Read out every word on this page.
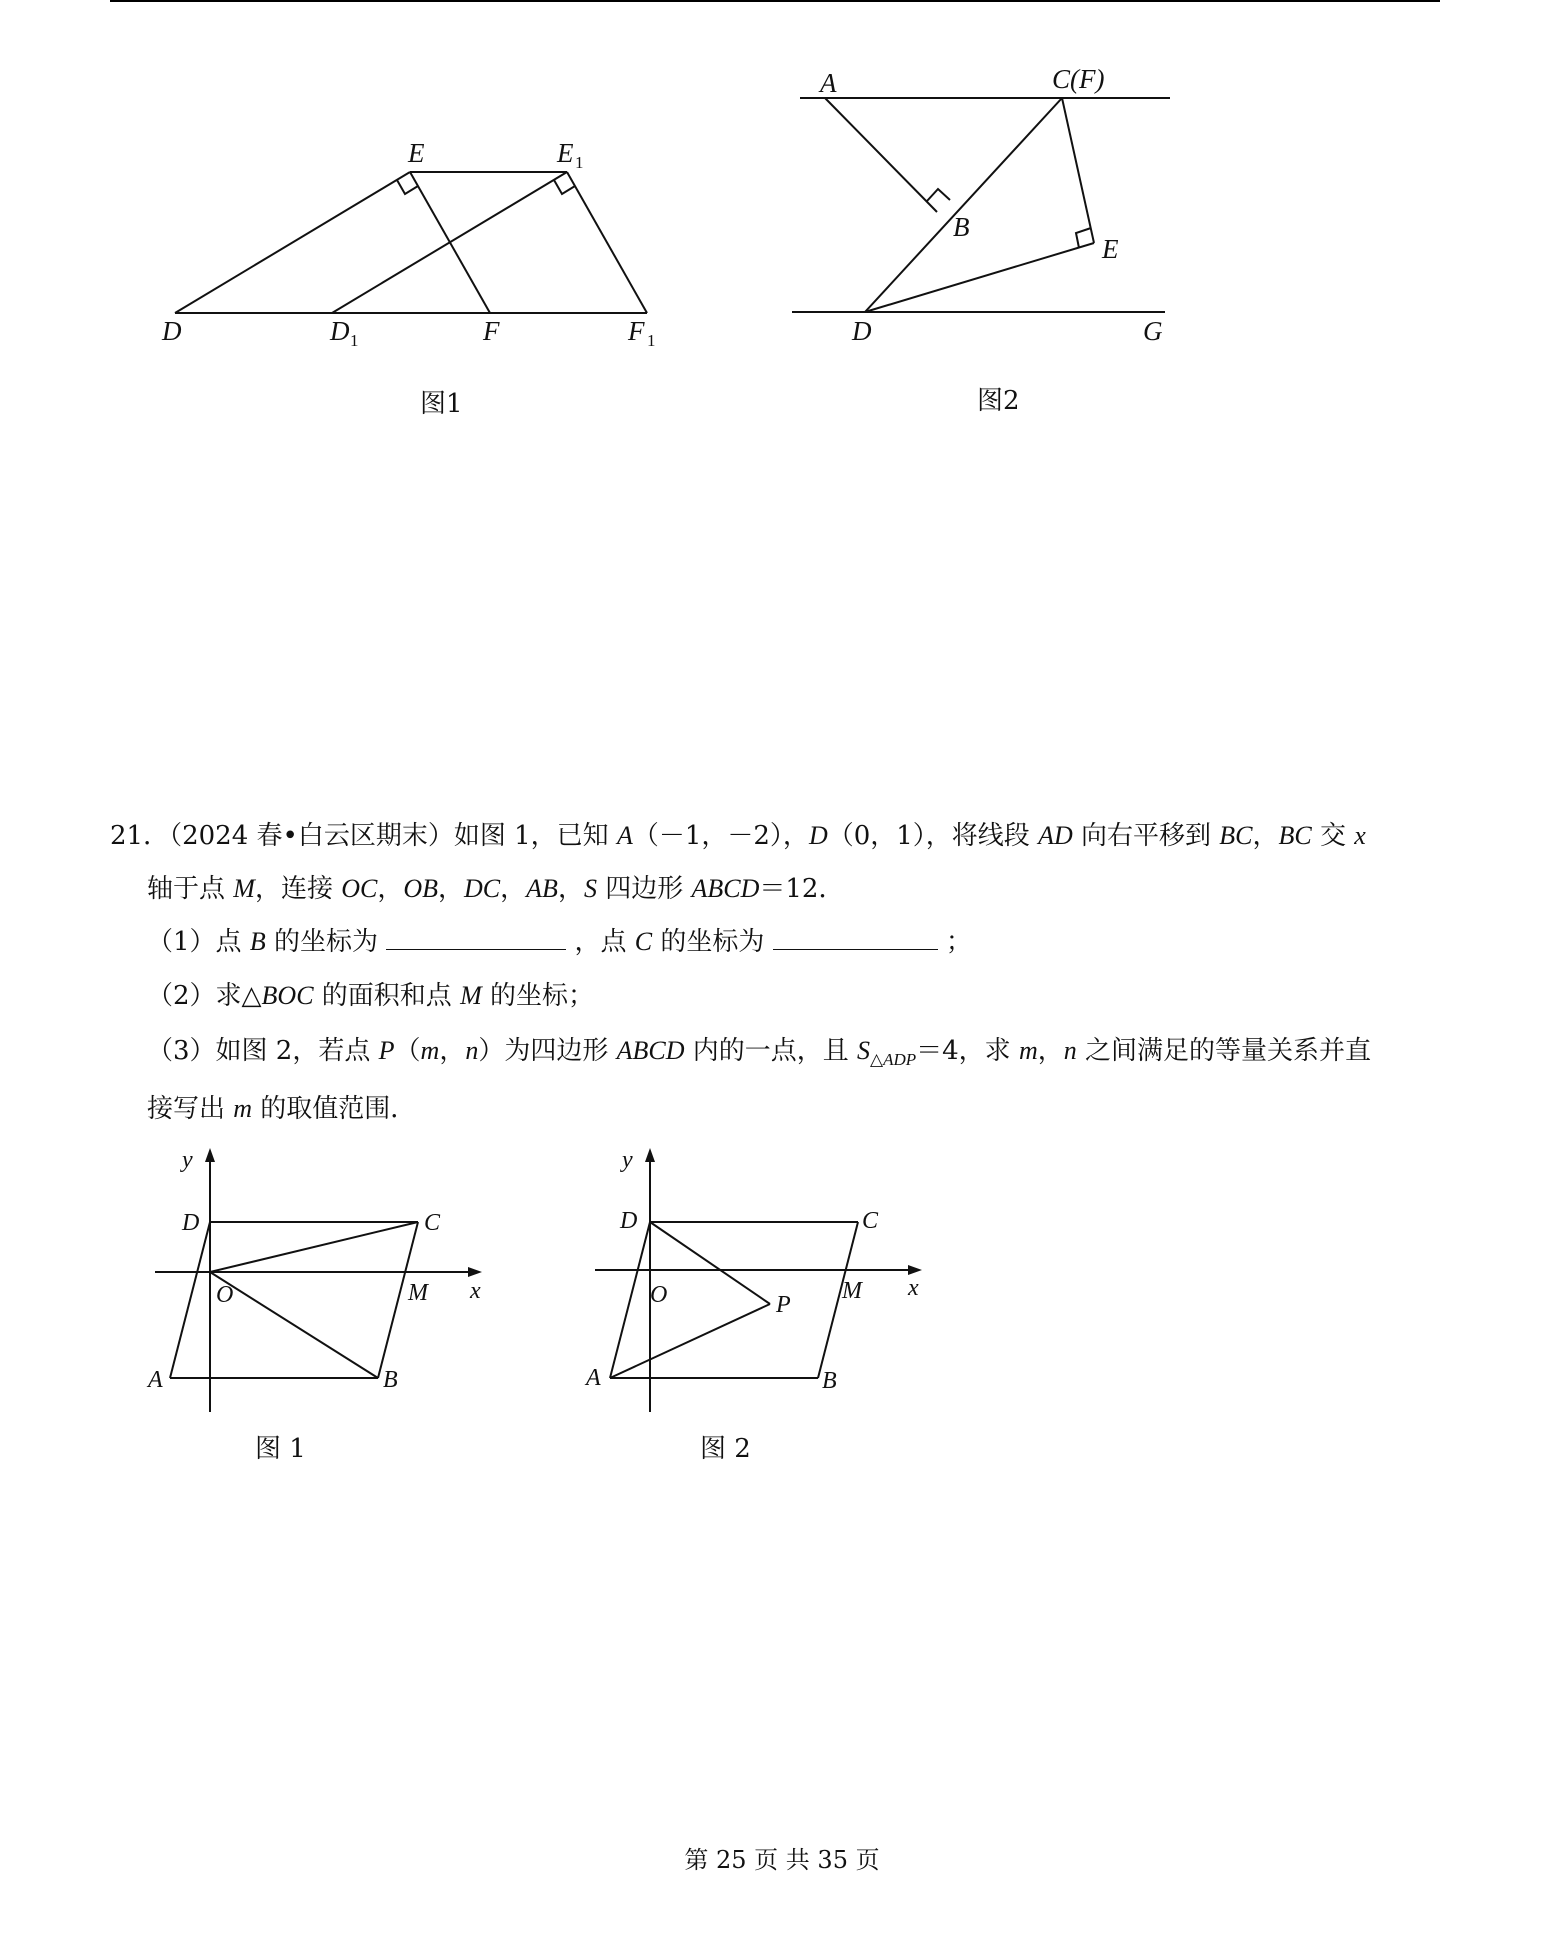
E	E 1
D	D 1	F	F 1
图1
A	C(F)
B
E
D	G
图2
21．（2024 春•白云区期末）如图 1，已知 A（－1，－2），D（0，1），将线段 AD 向右平移到 BC，BC 交 x
轴于点 M，连接 OC，OB，DC，AB，S 四边形 ABCD＝12．
（1）点 B 的坐标为	，点 C 的坐标为	；
（2）求△BOC 的面积和点 M 的坐标；
（3）如图 2，若点 P（m，n）为四边形 ABCD 内的一点，且 $S_{\triangle ADP}=4$，求 m，n 之间满足的等量关系并直
接写出 m 的取值范围．
y
x
D	C
O	M
A	B
图 1
y
x
D	C
O	P
M
A	B
图 2
第 25 页 共 35 页
